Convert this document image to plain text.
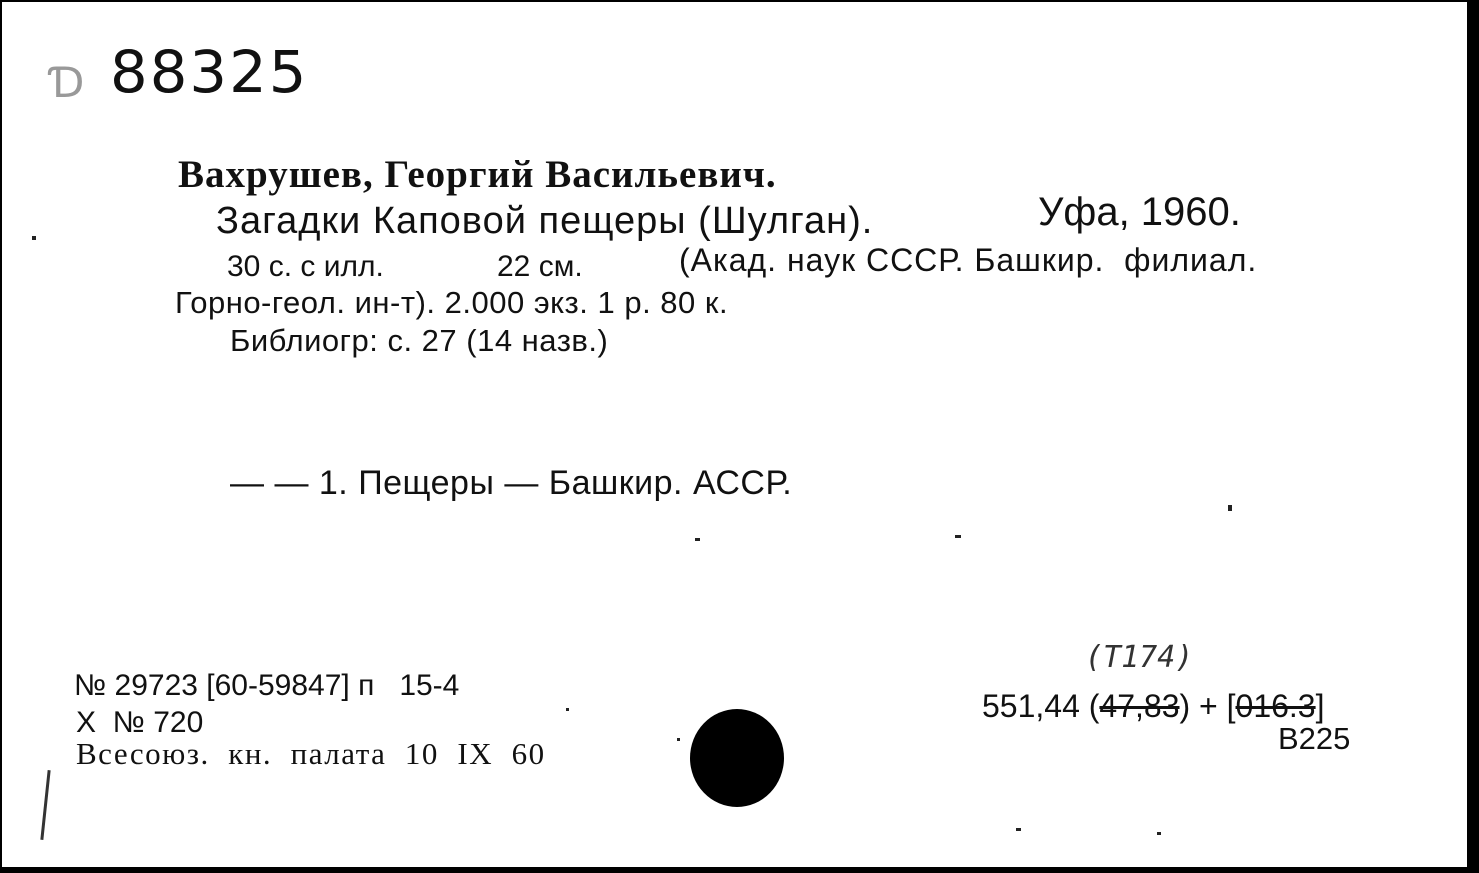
Ɗ 88325
Вахрушев, Георгий Васильевич.
Загадки Каповой пещеры (Шулган).	Уфа, 1960.
30 с. с илл.	22 см.	(Акад. наук СССР. Башкир.  филиал.
Горно-геол. ин-т). 2.000 экз. 1 р. 80 к.
Библиогр: с. 27 (14 назв.)
— — 1. Пещеры — Башкир. АССР.
№ 29723 [60-59847] п   15-4
X  № 720
Всесоюз.  кн.  палата  10  IX  60
(Т174)
551,44 (47,83) + [016.3]
B225
